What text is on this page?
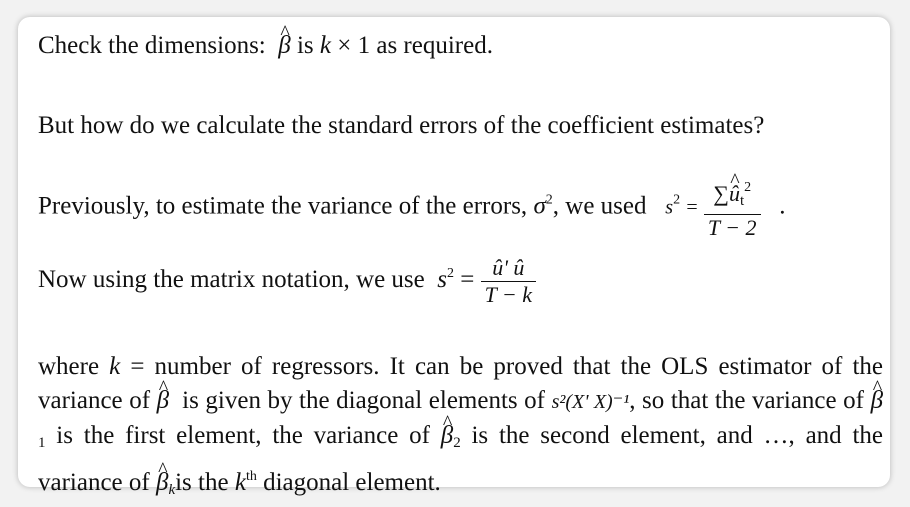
Check the dimensions: β ^ is k × 1 as required.
But how do we calculate the standard errors of the coefficient estimates?
Previously, to estimate the variance of the errors, $\sigma^2$, we used $s^2 = \frac{\sum û \^{}_t^2}{T - 2}$ .
Now using the matrix notation, we use $s^2 = \frac{û' û}{T - k}$
where k = number of regressors. It can be proved that the OLS estimator of the variance of β ^ is given by the diagonal elements of s²(X' X)⁻¹, so that the variance of β $\^{}_1$ is the first element, the variance of β $\^{}_2$ is the second element, and …, and the variance of β $\^{}_kis$ the $k^{th}$ diagonal element.
